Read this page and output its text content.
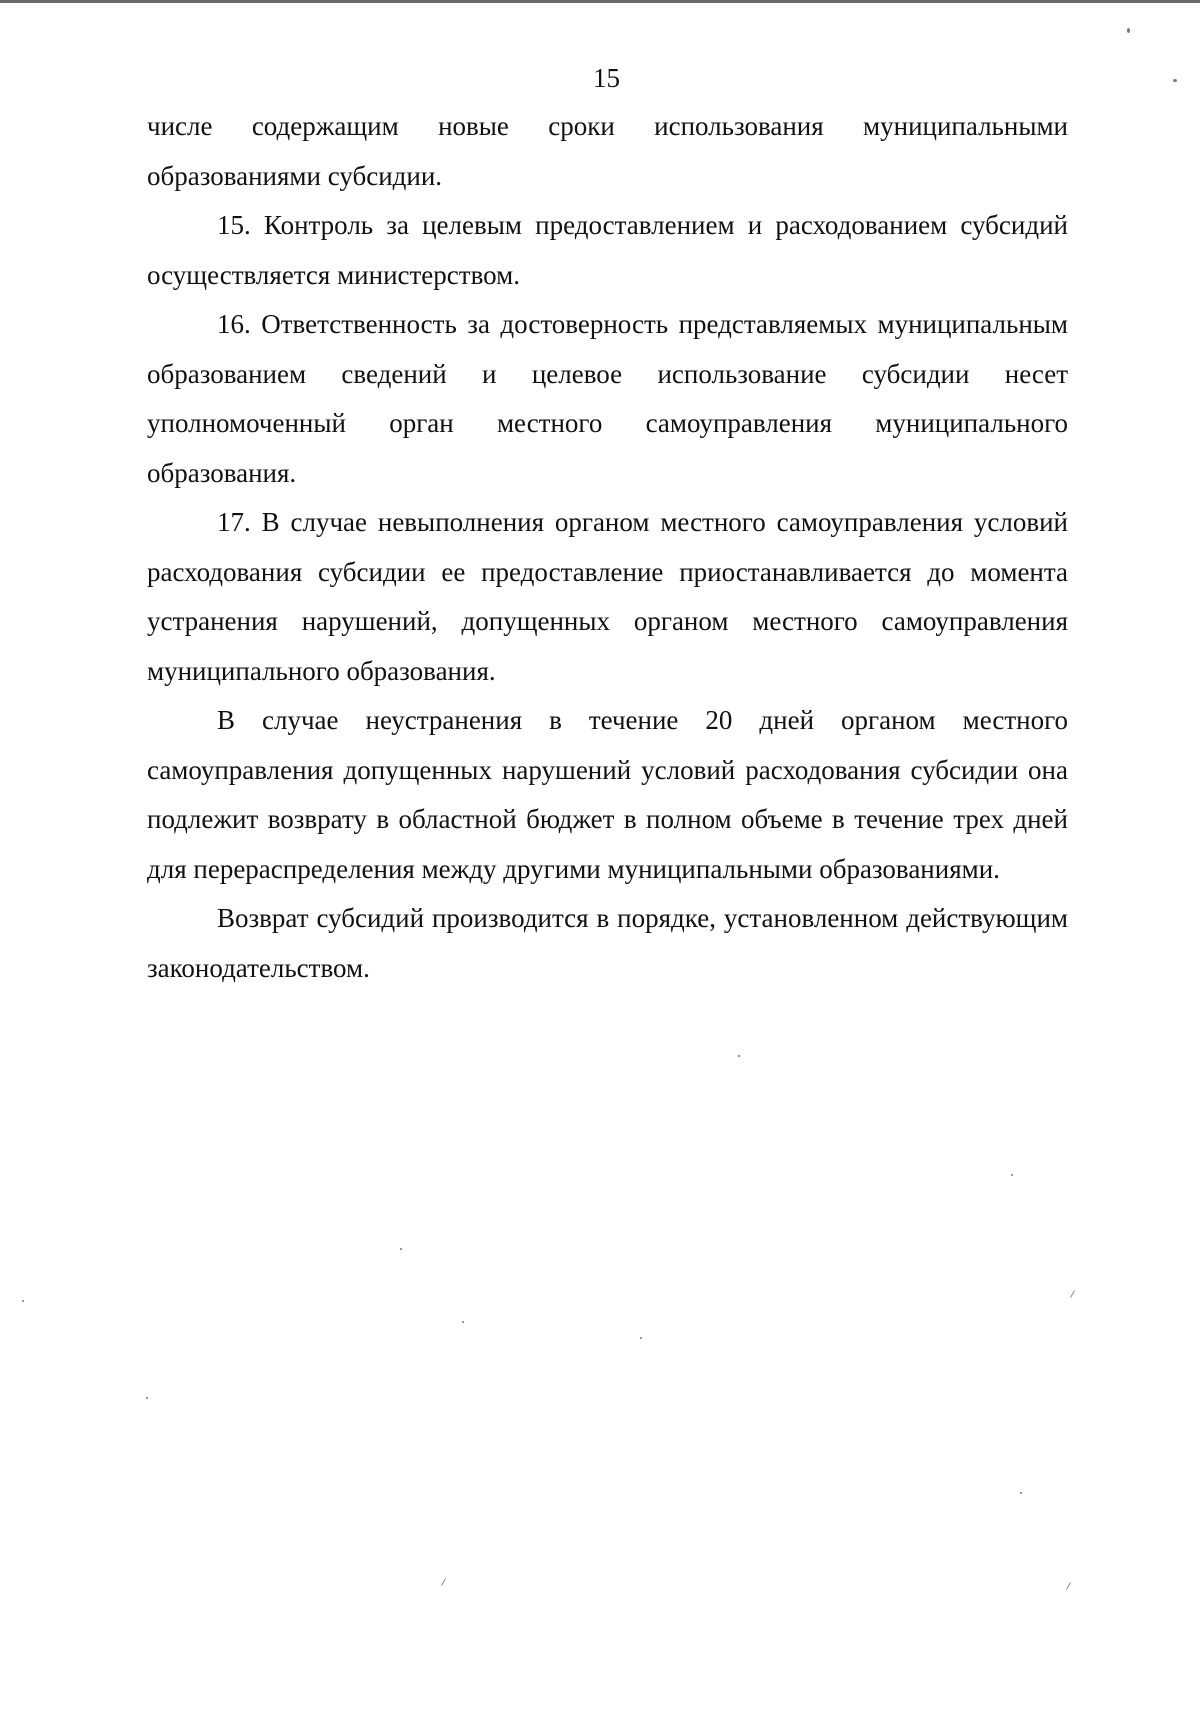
15

числе содержащим новые сроки использования муниципальными образованиями субсидии.

15. Контроль за целевым предоставлением и расходованием субсидий осуществляется министерством.

16. Ответственность за достоверность представляемых муниципальным образованием сведений и целевое использование субсидии несет уполномоченный орган местного самоуправления муниципального образования.

17. В случае невыполнения органом местного самоуправления условий расходования субсидии ее предоставление приостанавливается до момента устранения нарушений, допущенных органом местного самоуправления муниципального образования.

В случае неустранения в течение 20 дней органом местного самоуправления допущенных нарушений условий расходования субсидии она подлежит возврату в областной бюджет в полном объеме в течение трех дней для перераспределения между другими муниципальными образованиями.

Возврат субсидий производится в порядке, установленном действующим законодательством.
